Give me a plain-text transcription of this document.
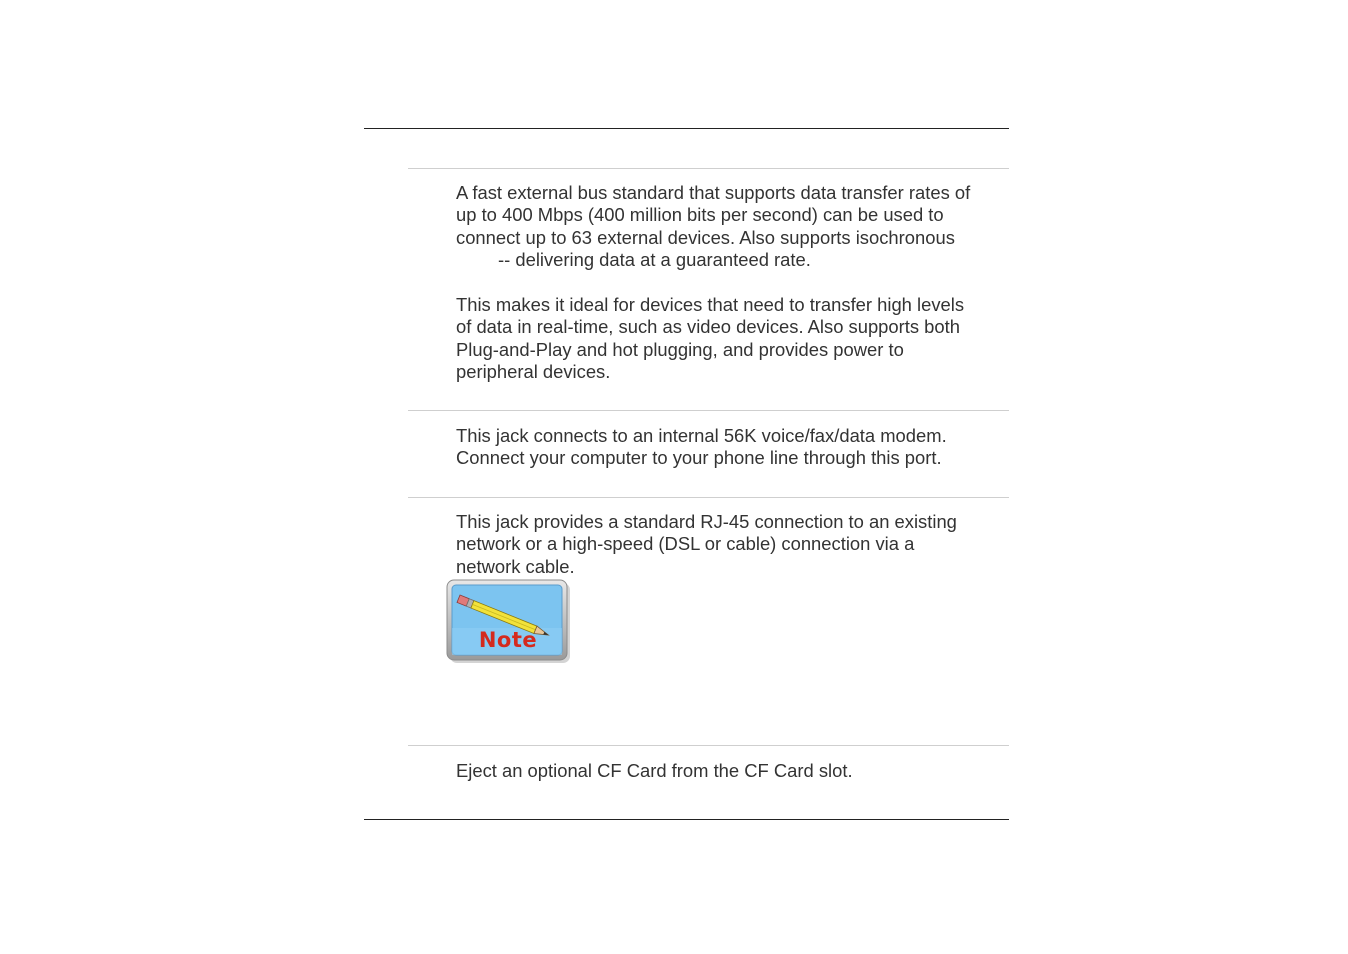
A fast external bus standard that supports data transfer rates of
up to 400 Mbps (400 million bits per second) can be used to
connect up to 63 external devices. Also supports isochronous
-- delivering data at a guaranteed rate.

This makes it ideal for devices that need to transfer high levels
of data in real-time, such as video devices. Also supports both
Plug-and-Play and hot plugging, and provides power to
peripheral devices.

This jack connects to an internal 56K voice/fax/data modem.
Connect your computer to your phone line through this port.

This jack provides a standard RJ-45 connection to an existing
network or a high-speed (DSL or cable) connection via a
network cable.

Note

Eject an optional CF Card from the CF Card slot.
